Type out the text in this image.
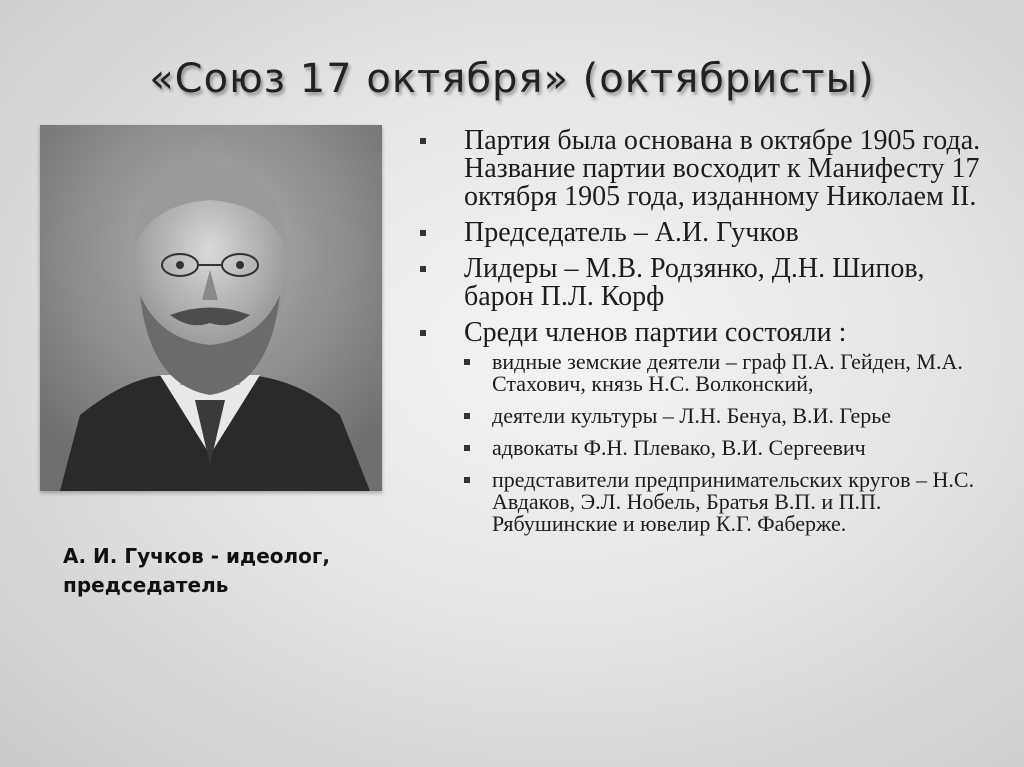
«Союз 17 октября» (октябристы)
А. И. Гучков - идеолог, председатель
Партия была основана в октябре 1905 года. Название партии восходит к Манифесту 17 октября 1905 года, изданному Николаем II.
Председатель – А.И. Гучков
Лидеры – М.В. Родзянко, Д.Н. Шипов, барон П.Л. Корф
Среди членов партии состояли :
видные земские деятели – граф П.А. Гейден, М.А. Стахович, князь Н.С. Волконский,
деятели культуры – Л.Н. Бенуа, В.И. Герье
адвокаты Ф.Н. Плевако, В.И. Сергеевич
представители предпринимательских кругов – Н.С. Авдаков, Э.Л. Нобель, Братья В.П. и П.П. Рябушинские и ювелир К.Г. Фаберже.
